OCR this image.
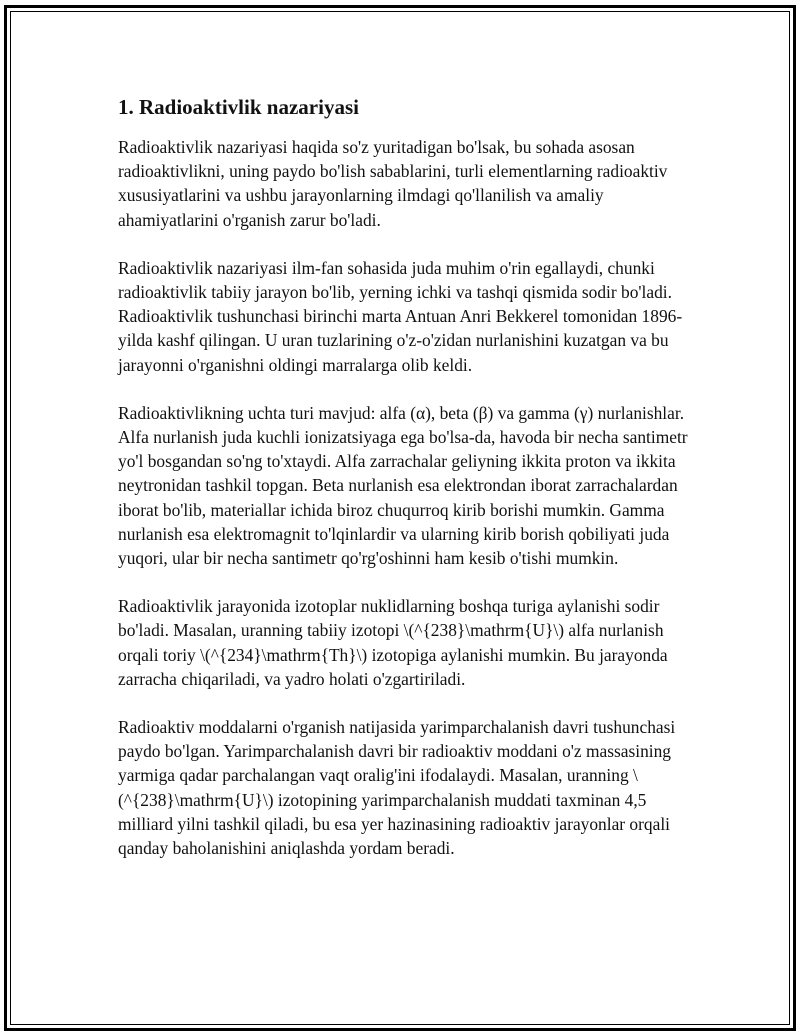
1. Radioaktivlik nazariyasi

Radioaktivlik nazariyasi haqida so'z yuritadigan bo'lsak, bu sohada asosan radioaktivlikni, uning paydo bo'lish sabablarini, turli elementlarning radioaktiv xususiyatlarini va ushbu jarayonlarning ilmdagi qo'llanilish va amaliy ahamiyatlarini o'rganish zarur bo'ladi.

Radioaktivlik nazariyasi ilm-fan sohasida juda muhim o'rin egallaydi, chunki radioaktivlik tabiiy jarayon bo'lib, yerning ichki va tashqi qismida sodir bo'ladi. Radioaktivlik tushunchasi birinchi marta Antuan Anri Bekkerel tomonidan 1896-yilda kashf qilingan. U uran tuzlarining o'z-o'zidan nurlanishini kuzatgan va bu jarayonni o'rganishni oldingi marralarga olib keldi.

Radioaktivlikning uchta turi mavjud: alfa (α), beta (β) va gamma (γ) nurlanishlar. Alfa nurlanish juda kuchli ionizatsiyaga ega bo'lsa-da, havoda bir necha santimetr yo'l bosgandan so'ng to'xtaydi. Alfa zarrachalar geliyning ikkita proton va ikkita neytronidan tashkil topgan. Beta nurlanish esa elektrondan iborat zarrachalardan iborat bo'lib, materiallar ichida biroz chuqurroq kirib borishi mumkin. Gamma nurlanish esa elektromagnit to'lqinlardir va ularning kirib borish qobiliyati juda yuqori, ular bir necha santimetr qo'rg'oshinni ham kesib o'tishi mumkin.

Radioaktivlik jarayonida izotoplar nuklidlarning boshqa turiga aylanishi sodir bo'ladi. Masalan, uranning tabiiy izotopi \(^{238}\mathrm{U}\) alfa nurlanish orqali toriy \(^{234}\mathrm{Th}\) izotopiga aylanishi mumkin. Bu jarayonda zarracha chiqariladi, va yadro holati o'zgartiriladi.

Radioaktiv moddalarni o'rganish natijasida yarimparchalanish davri tushunchasi paydo bo'lgan. Yarimparchalanish davri bir radioaktiv moddani o'z massasining yarmiga qadar parchalangan vaqt oralig'ini ifodalaydi. Masalan, uranning \(^{238}\mathrm{U}\) izotopining yarimparchalanish muddati taxminan 4,5 milliard yilni tashkil qiladi, bu esa yer hazinasining radioaktiv jarayonlar orqali qanday baholanishini aniqlashda yordam beradi.
